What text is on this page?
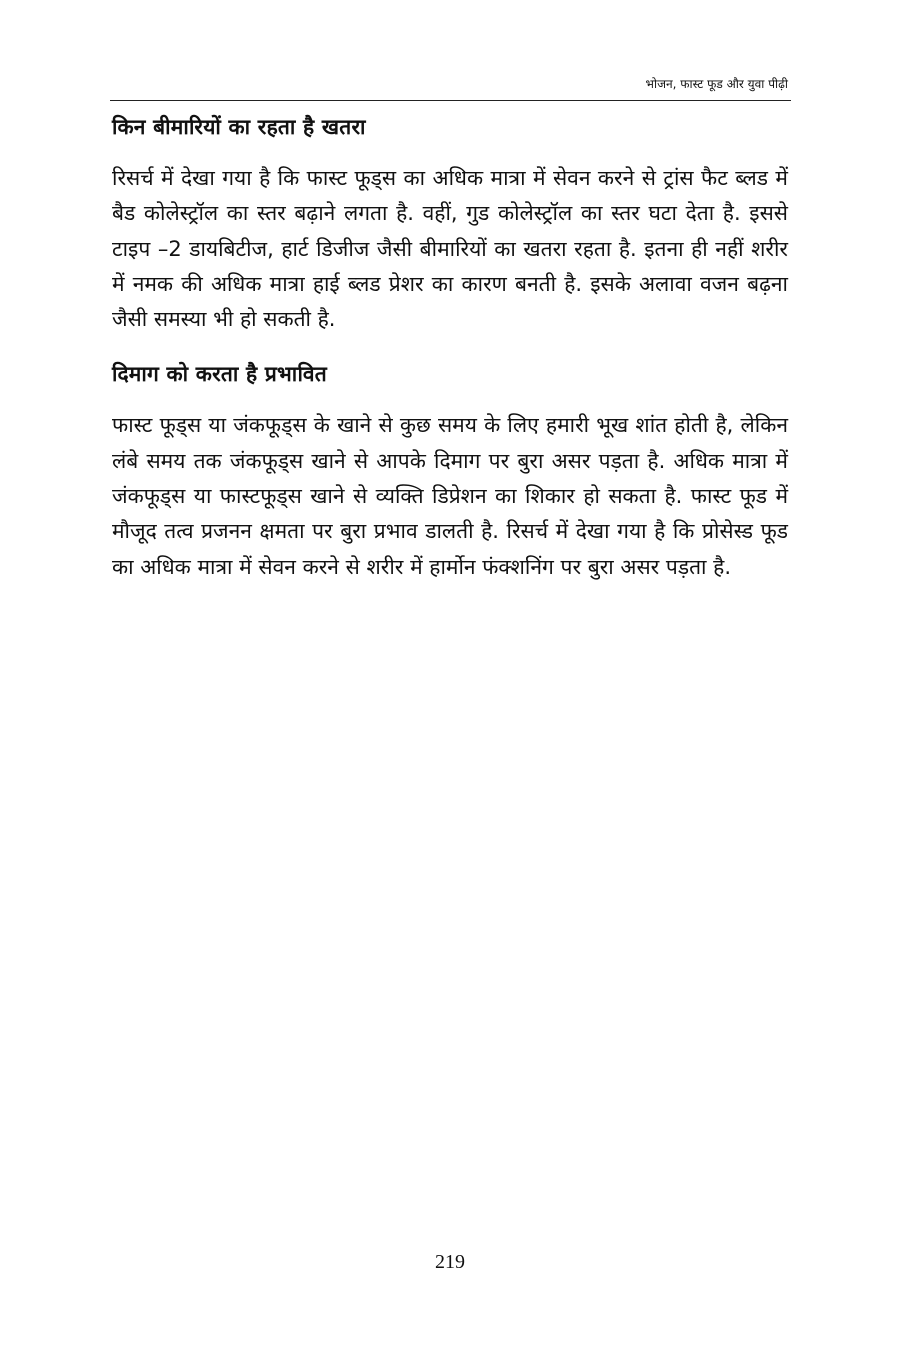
भोजन, फास्ट फूड और युवा पीढ़ी
किन बीमारियों का रहता है खतरा

रिसर्च में देखा गया है कि फास्ट फूड्स का अधिक मात्रा में सेवन करने से ट्रांस फैट ब्लड में बैड कोलेस्ट्रॉल का स्तर बढ़ाने लगता है. वहीं, गुड कोलेस्ट्रॉल का स्तर घटा देता है. इससे टाइप –2 डायबिटीज, हार्ट डिजीज जैसी बीमारियों का खतरा रहता है. इतना ही नहीं शरीर में नमक की अधिक मात्रा हाई ब्लड प्रेशर का कारण बनती है. इसके अलावा वजन बढ़ना जैसी समस्या भी हो सकती है.

दिमाग को करता है प्रभावित

फास्ट फूड्स या जंकफूड्स के खाने से कुछ समय के लिए हमारी भूख शांत होती है, लेकिन लंबे समय तक जंकफूड्स खाने से आपके दिमाग पर बुरा असर पड़ता है. अधिक मात्रा में जंकफूड्स या फास्टफूड्स खाने से व्यक्ति डिप्रेशन का शिकार हो सकता है. फास्ट फूड में मौजूद तत्व प्रजनन क्षमता पर बुरा प्रभाव डालती है. रिसर्च में देखा गया है कि प्रोसेस्ड फूड का अधिक मात्रा में सेवन करने से शरीर में हार्मोन फंक्शनिंग पर बुरा असर पड़ता है.

219
